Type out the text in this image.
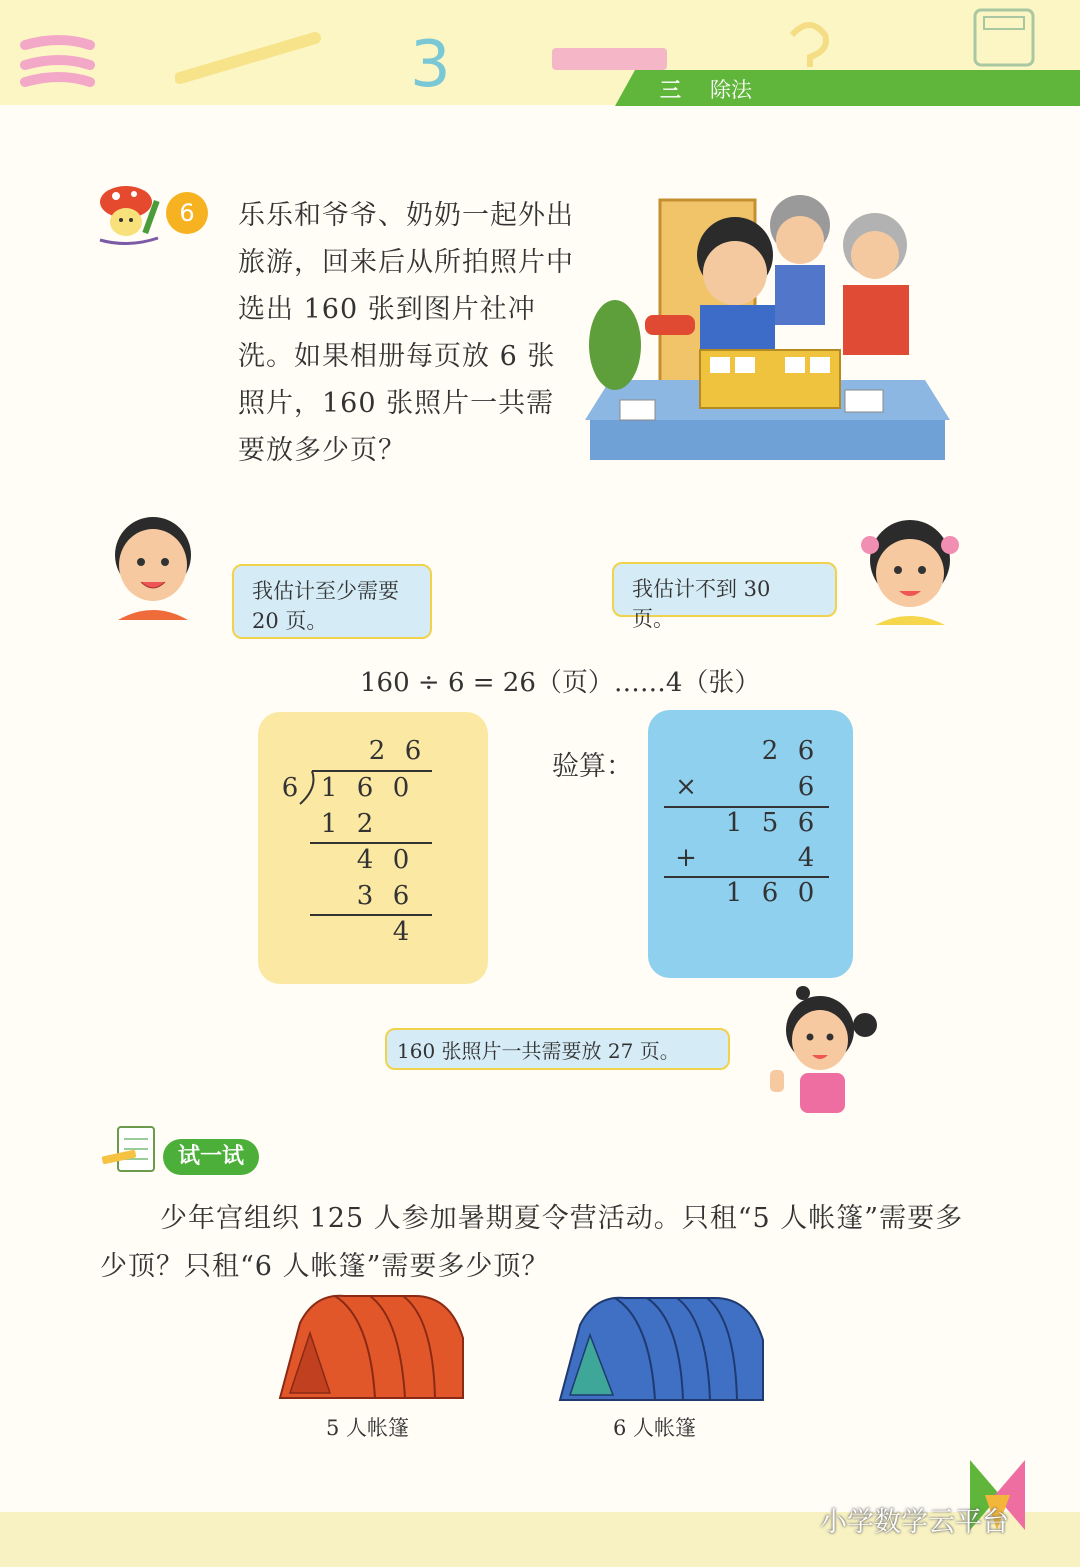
3	三 除法
6	乐乐和爷爷、奶奶一起外出旅游，回来后从所拍照片中选出 160 张到图片社冲洗。如果相册每页放 6 张照片，160 张照片一共需要放多少页？
我估计至少需要 20 页。
我估计不到 30 页。
160 ÷ 6 = 26（页）……4（张）
2 6
6 1 6 0
1 2
4 0
3 6
4
验算：	2 6
×	6
1 5 6
+	4
1 6 0
160 张照片一共需要放 27 页。
试一试
少年宫组织 125 人参加暑期夏令营活动。只租“5 人帐篷”需要多少顶？只租“6 人帐篷”需要多少顶？
5 人帐篷	6 人帐篷
小学数学云平台
